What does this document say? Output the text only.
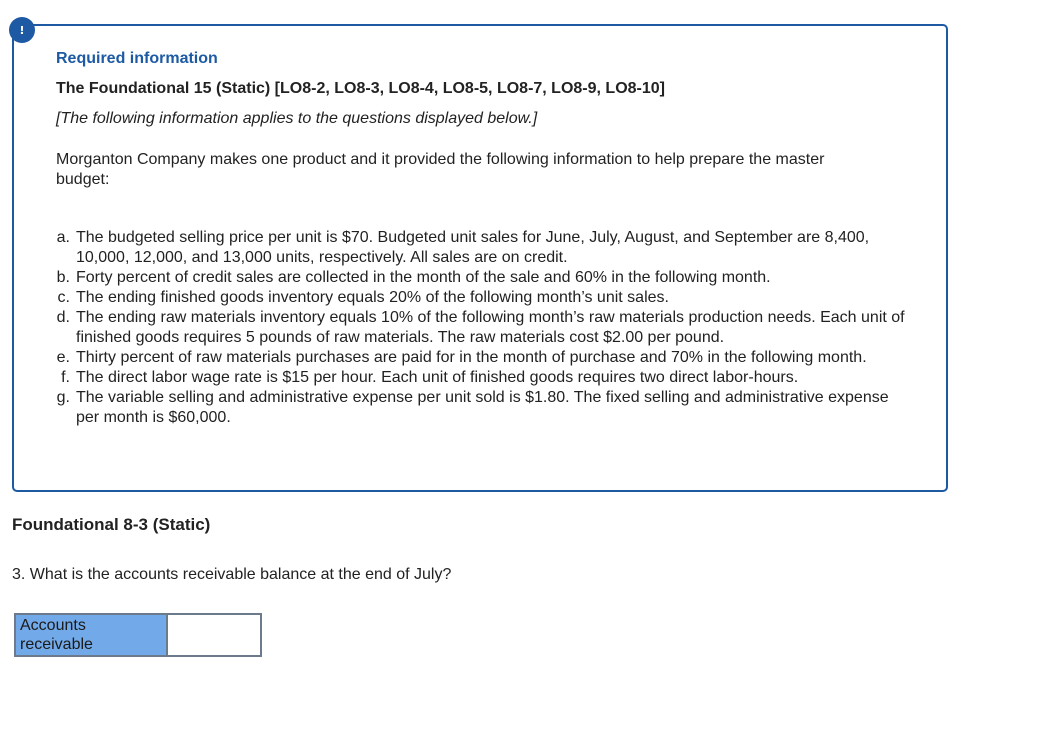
!
Required information
The Foundational 15 (Static) [LO8-2, LO8-3, LO8-4, LO8-5, LO8-7, LO8-9, LO8-10]
[The following information applies to the questions displayed below.]
Morganton Company makes one product and it provided the following information to help prepare the master budget:
a. The budgeted selling price per unit is $70. Budgeted unit sales for June, July, August, and September are 8,400, 10,000, 12,000, and 13,000 units, respectively. All sales are on credit.
b. Forty percent of credit sales are collected in the month of the sale and 60% in the following month.
c. The ending finished goods inventory equals 20% of the following month’s unit sales.
d. The ending raw materials inventory equals 10% of the following month’s raw materials production needs. Each unit of finished goods requires 5 pounds of raw materials. The raw materials cost $2.00 per pound.
e. Thirty percent of raw materials purchases are paid for in the month of purchase and 70% in the following month.
f. The direct labor wage rate is $15 per hour. Each unit of finished goods requires two direct labor-hours.
g. The variable selling and administrative expense per unit sold is $1.80. The fixed selling and administrative expense per month is $60,000.
Foundational 8-3 (Static)
3. What is the accounts receivable balance at the end of July?
Accounts receivable
